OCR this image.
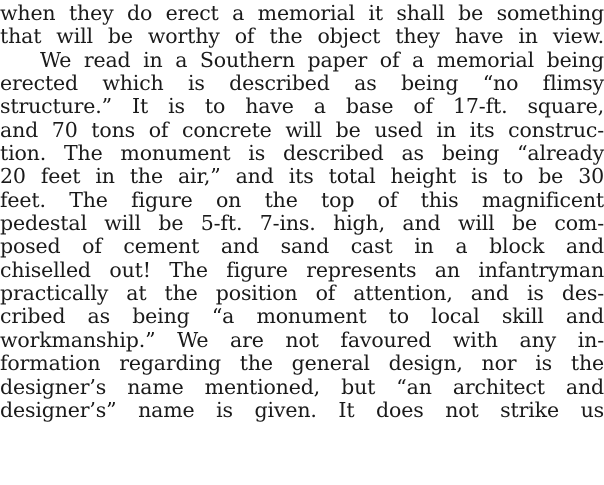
when they do erect a memorial it shall be something
that will be worthy of the object they have in view.
We read in a Southern paper of a memorial being
erected which is described as being “no flimsy
structure.” It is to have a base of 17-ft. square,
and 70 tons of concrete will be used in its construc-
tion. The monument is described as being “already
20 feet in the air,” and its total height is to be 30
feet. The figure on the top of this magnificent
pedestal will be 5-ft. 7-ins. high, and will be com-
posed of cement and sand cast in a block and
chiselled out! The figure represents an infantryman
practically at the position of attention, and is des-
cribed as being “a monument to local skill and
workmanship.” We are not favoured with any in-
formation regarding the general design, nor is the
designer’s name mentioned, but “an architect and
designer’s” name is given. It does not strike us
